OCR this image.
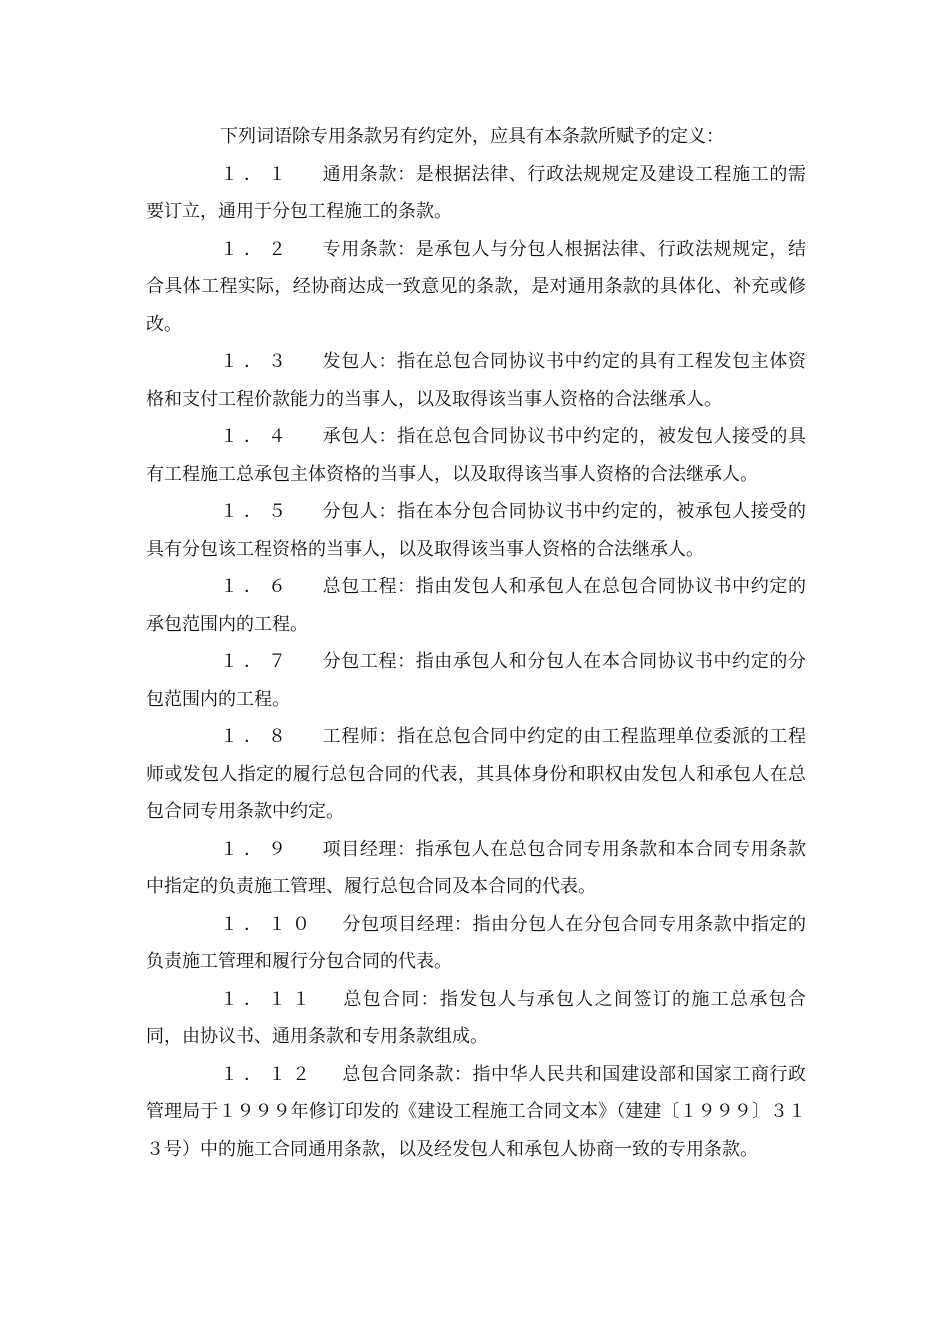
下列词语除专用条款另有约定外，应具有本条款所赋予的定义：

１．１ 通用条款：是根据法律、行政法规规定及建设工程施工的需要订立，通用于分包工程施工的条款。

１．２ 专用条款：是承包人与分包人根据法律、行政法规规定，结合具体工程实际，经协商达成一致意见的条款，是对通用条款的具体化、补充或修改。

１．３ 发包人：指在总包合同协议书中约定的具有工程发包主体资格和支付工程价款能力的当事人，以及取得该当事人资格的合法继承人。

１．４ 承包人：指在总包合同协议书中约定的，被发包人接受的具有工程施工总承包主体资格的当事人，以及取得该当事人资格的合法继承人。

１．５ 分包人：指在本分包合同协议书中约定的，被承包人接受的具有分包该工程资格的当事人，以及取得该当事人资格的合法继承人。

１．６ 总包工程：指由发包人和承包人在总包合同协议书中约定的承包范围内的工程。

１．７ 分包工程：指由承包人和分包人在本合同协议书中约定的分包范围内的工程。

１．８ 工程师：指在总包合同中约定的由工程监理单位委派的工程师或发包人指定的履行总包合同的代表，其具体身份和职权由发包人和承包人在总包合同专用条款中约定。

１．９ 项目经理：指承包人在总包合同专用条款和本合同专用条款中指定的负责施工管理、履行总包合同及本合同的代表。

１．１０ 分包项目经理：指由分包人在分包合同专用条款中指定的负责施工管理和履行分包合同的代表。

１．１１ 总包合同：指发包人与承包人之间签订的施工总承包合同，由协议书、通用条款和专用条款组成。

１．１２ 总包合同条款：指中华人民共和国建设部和国家工商行政管理局于１９９９年修订印发的《建设工程施工合同文本》（建建〔１９９９〕３１３号）中的施工合同通用条款，以及经发包人和承包人协商一致的专用条款。
